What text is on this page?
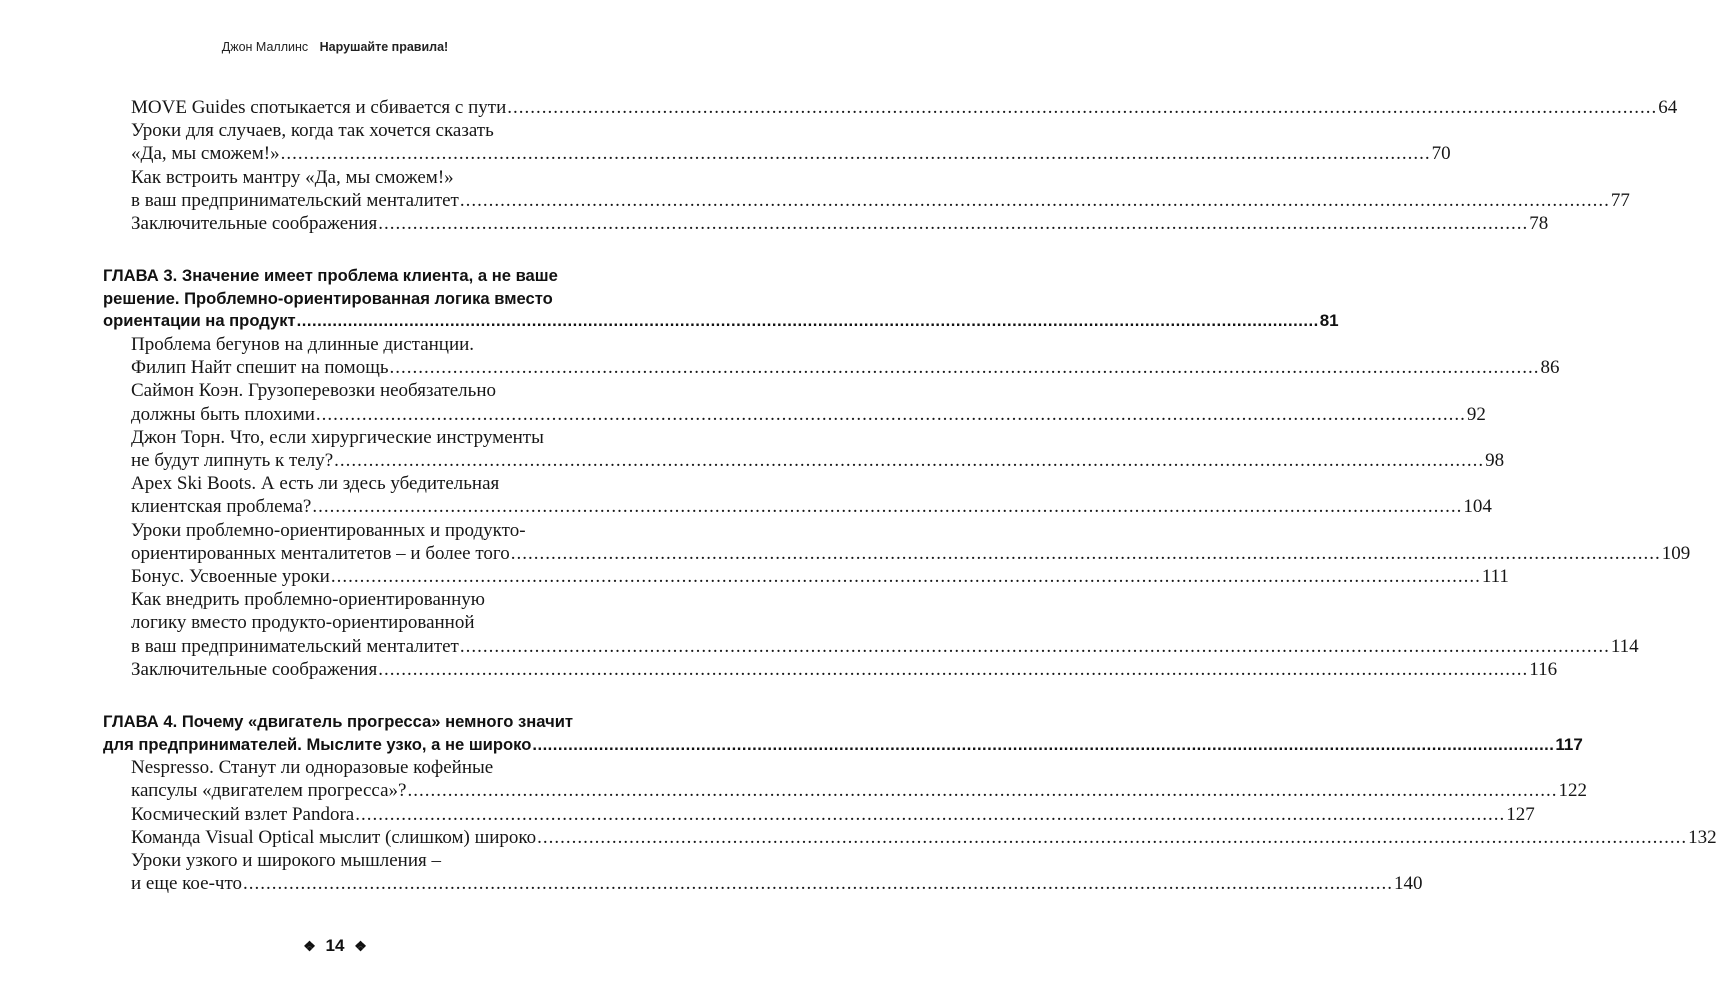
Джон Маллинс Нарушайте правила!
MOVE Guides спотыкается и сбивается с пути ........................................................................................................................................................................................................ 64
Уроки для случаев, когда так хочется сказать
«Да, мы сможем!» ........................................................................................................................................................................................................ 70
Как встроить мантру «Да, мы сможем!»
в ваш предпринимательский менталитет ........................................................................................................................................................................................................ 77
Заключительные соображения ........................................................................................................................................................................................................ 78
ГЛАВА 3. Значение имеет проблема клиента, а не ваше
решение. Проблемно-ориентированная логика вместо
ориентации на продукт ........................................................................................................................................................................................................ 81
Проблема бегунов на длинные дистанции.
Филип Найт спешит на помощь ........................................................................................................................................................................................................ 86
Саймон Коэн. Грузоперевозки необязательно
должны быть плохими ........................................................................................................................................................................................................ 92
Джон Торн. Что, если хирургические инструменты
не будут липнуть к телу? ........................................................................................................................................................................................................ 98
Apex Ski Boots. А есть ли здесь убедительная
клиентская проблема? ........................................................................................................................................................................................................ 104
Уроки проблемно-ориентированных и продукто-
ориентированных менталитетов – и более того ........................................................................................................................................................................................................ 109
Бонус. Усвоенные уроки ........................................................................................................................................................................................................ 111
Как внедрить проблемно-ориентированную
логику вместо продукто-ориентированной
в ваш предпринимательский менталитет ........................................................................................................................................................................................................ 114
Заключительные соображения ........................................................................................................................................................................................................ 116
ГЛАВА 4. Почему «двигатель прогресса» немного значит
для предпринимателей. Мыслите узко, а не широко ........................................................................................................................................................................................................ 117
Nespresso. Станут ли одноразовые кофейные
капсулы «двигателем прогресса»? ........................................................................................................................................................................................................ 122
Космический взлет Pandora ........................................................................................................................................................................................................ 127
Команда Visual Optical мыслит (слишком) широко ........................................................................................................................................................................................................ 132
Уроки узкого и широкого мышления –
и еще кое-что ........................................................................................................................................................................................................ 140
❖ 14 ❖
